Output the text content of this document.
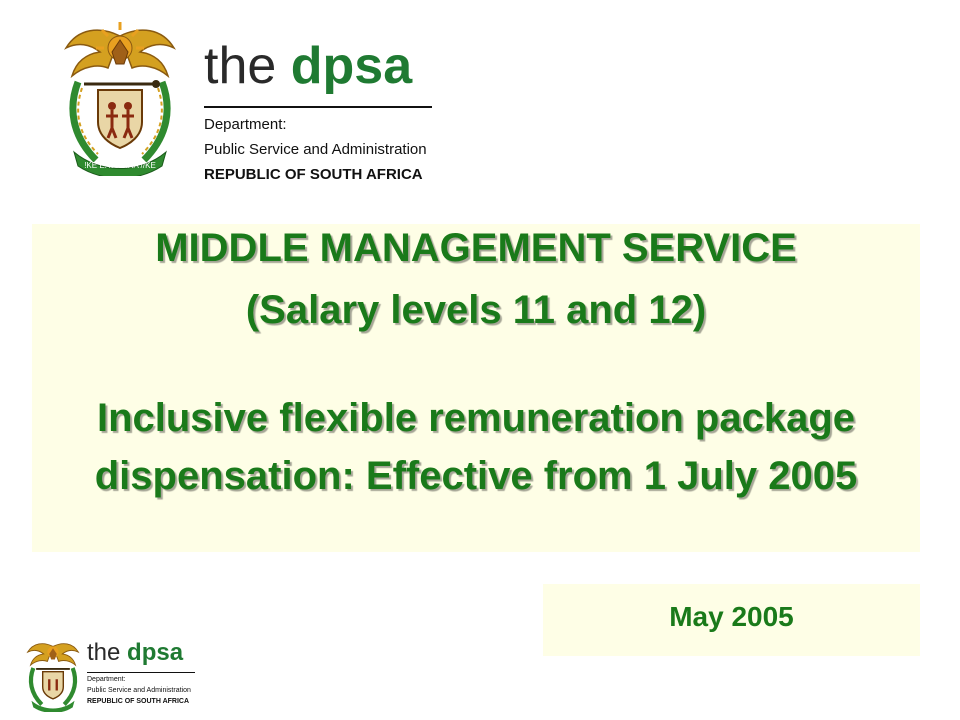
!KE E: /XARRA //KE
the dpsa
Department:
Public Service and Administration
REPUBLIC OF SOUTH AFRICA
MIDDLE MANAGEMENT SERVICE
(Salary levels 11 and 12)
Inclusive flexible remuneration package
dispensation: Effective from 1 July 2005
May 2005
the dpsa
Department:
Public Service and Administration
REPUBLIC OF SOUTH AFRICA
